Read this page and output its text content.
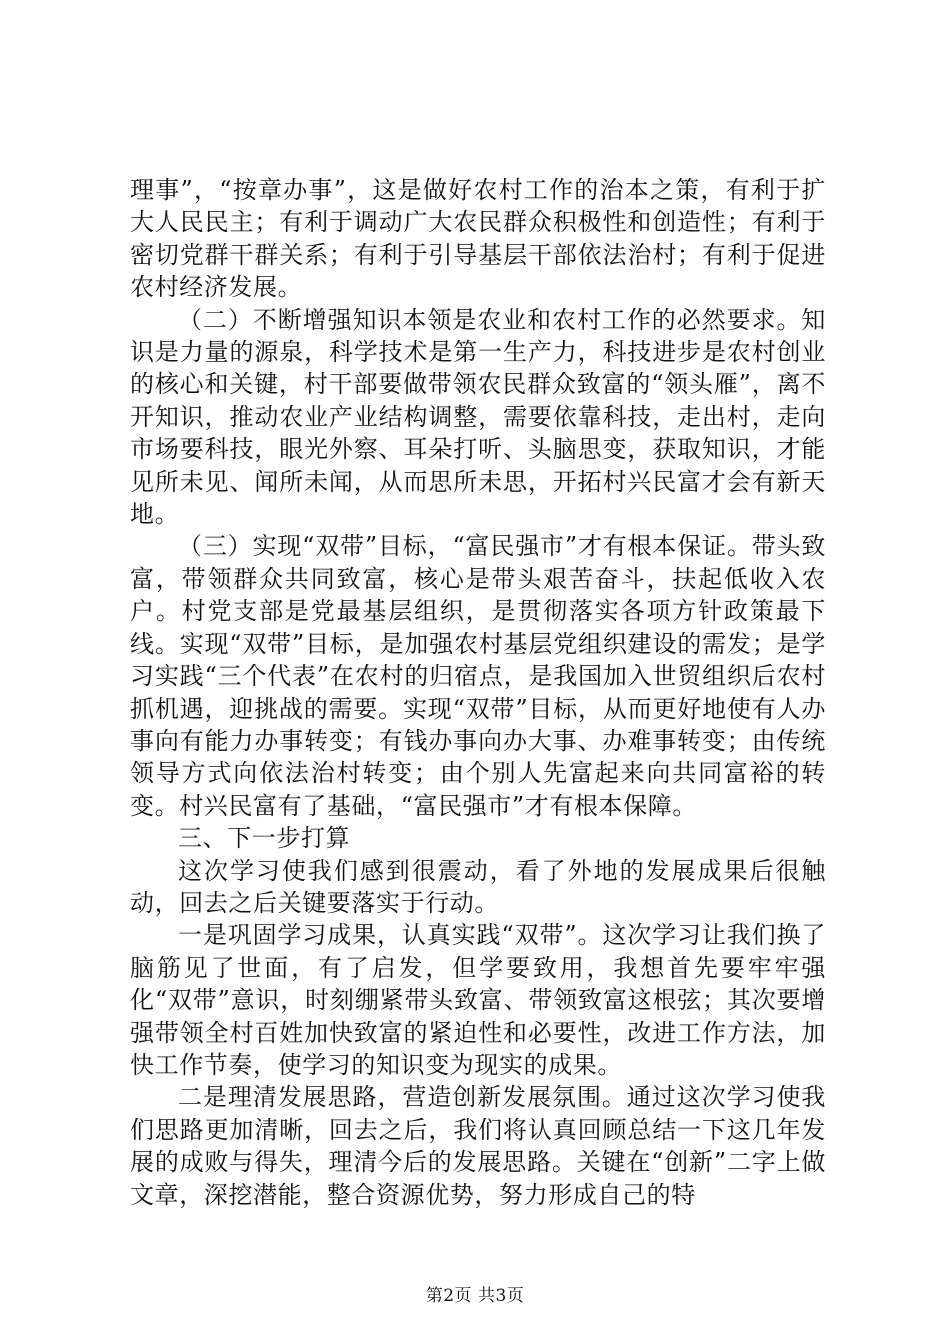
理事”，“按章办事”，这是做好农村工作的治本之策，有利于扩大人民民主；有利于调动广大农民群众积极性和创造性；有利于密切党群干群关系；有利于引导基层干部依法治村；有利于促进农村经济发展。

（二）不断增强知识本领是农业和农村工作的必然要求。知识是力量的源泉，科学技术是第一生产力，科技进步是农村创业的核心和关键，村干部要做带领农民群众致富的“领头雁”，离不开知识，推动农业产业结构调整，需要依靠科技，走出村，走向市场要科技，眼光外察、耳朵打听、头脑思变，获取知识，才能见所未见、闻所未闻，从而思所未思，开拓村兴民富才会有新天地。

（三）实现“双带”目标，“富民强市”才有根本保证。带头致富，带领群众共同致富，核心是带头艰苦奋斗，扶起低收入农户。村党支部是党最基层组织，是贯彻落实各项方针政策最下线。实现“双带”目标，是加强农村基层党组织建设的需发；是学习实践“三个代表”在农村的归宿点，是我国加入世贸组织后农村抓机遇，迎挑战的需要。实现“双带”目标，从而更好地使有人办事向有能力办事转变；有钱办事向办大事、办难事转变；由传统领导方式向依法治村转变；由个别人先富起来向共同富裕的转变。村兴民富有了基础，“富民强市”才有根本保障。

三、下一步打算

这次学习使我们感到很震动，看了外地的发展成果后很触动，回去之后关键要落实于行动。

一是巩固学习成果，认真实践“双带”。这次学习让我们换了脑筋见了世面，有了启发，但学要致用，我想首先要牢牢强化“双带”意识，时刻绷紧带头致富、带领致富这根弦；其次要增强带领全村百姓加快致富的紧迫性和必要性，改进工作方法，加快工作节奏，使学习的知识变为现实的成果。

二是理清发展思路，营造创新发展氛围。通过这次学习使我们思路更加清晰，回去之后，我们将认真回顾总结一下这几年发展的成败与得失，理清今后的发展思路。关键在“创新”二字上做文章，深挖潜能，整合资源优势，努力形成自己的特

第2页 共3页
